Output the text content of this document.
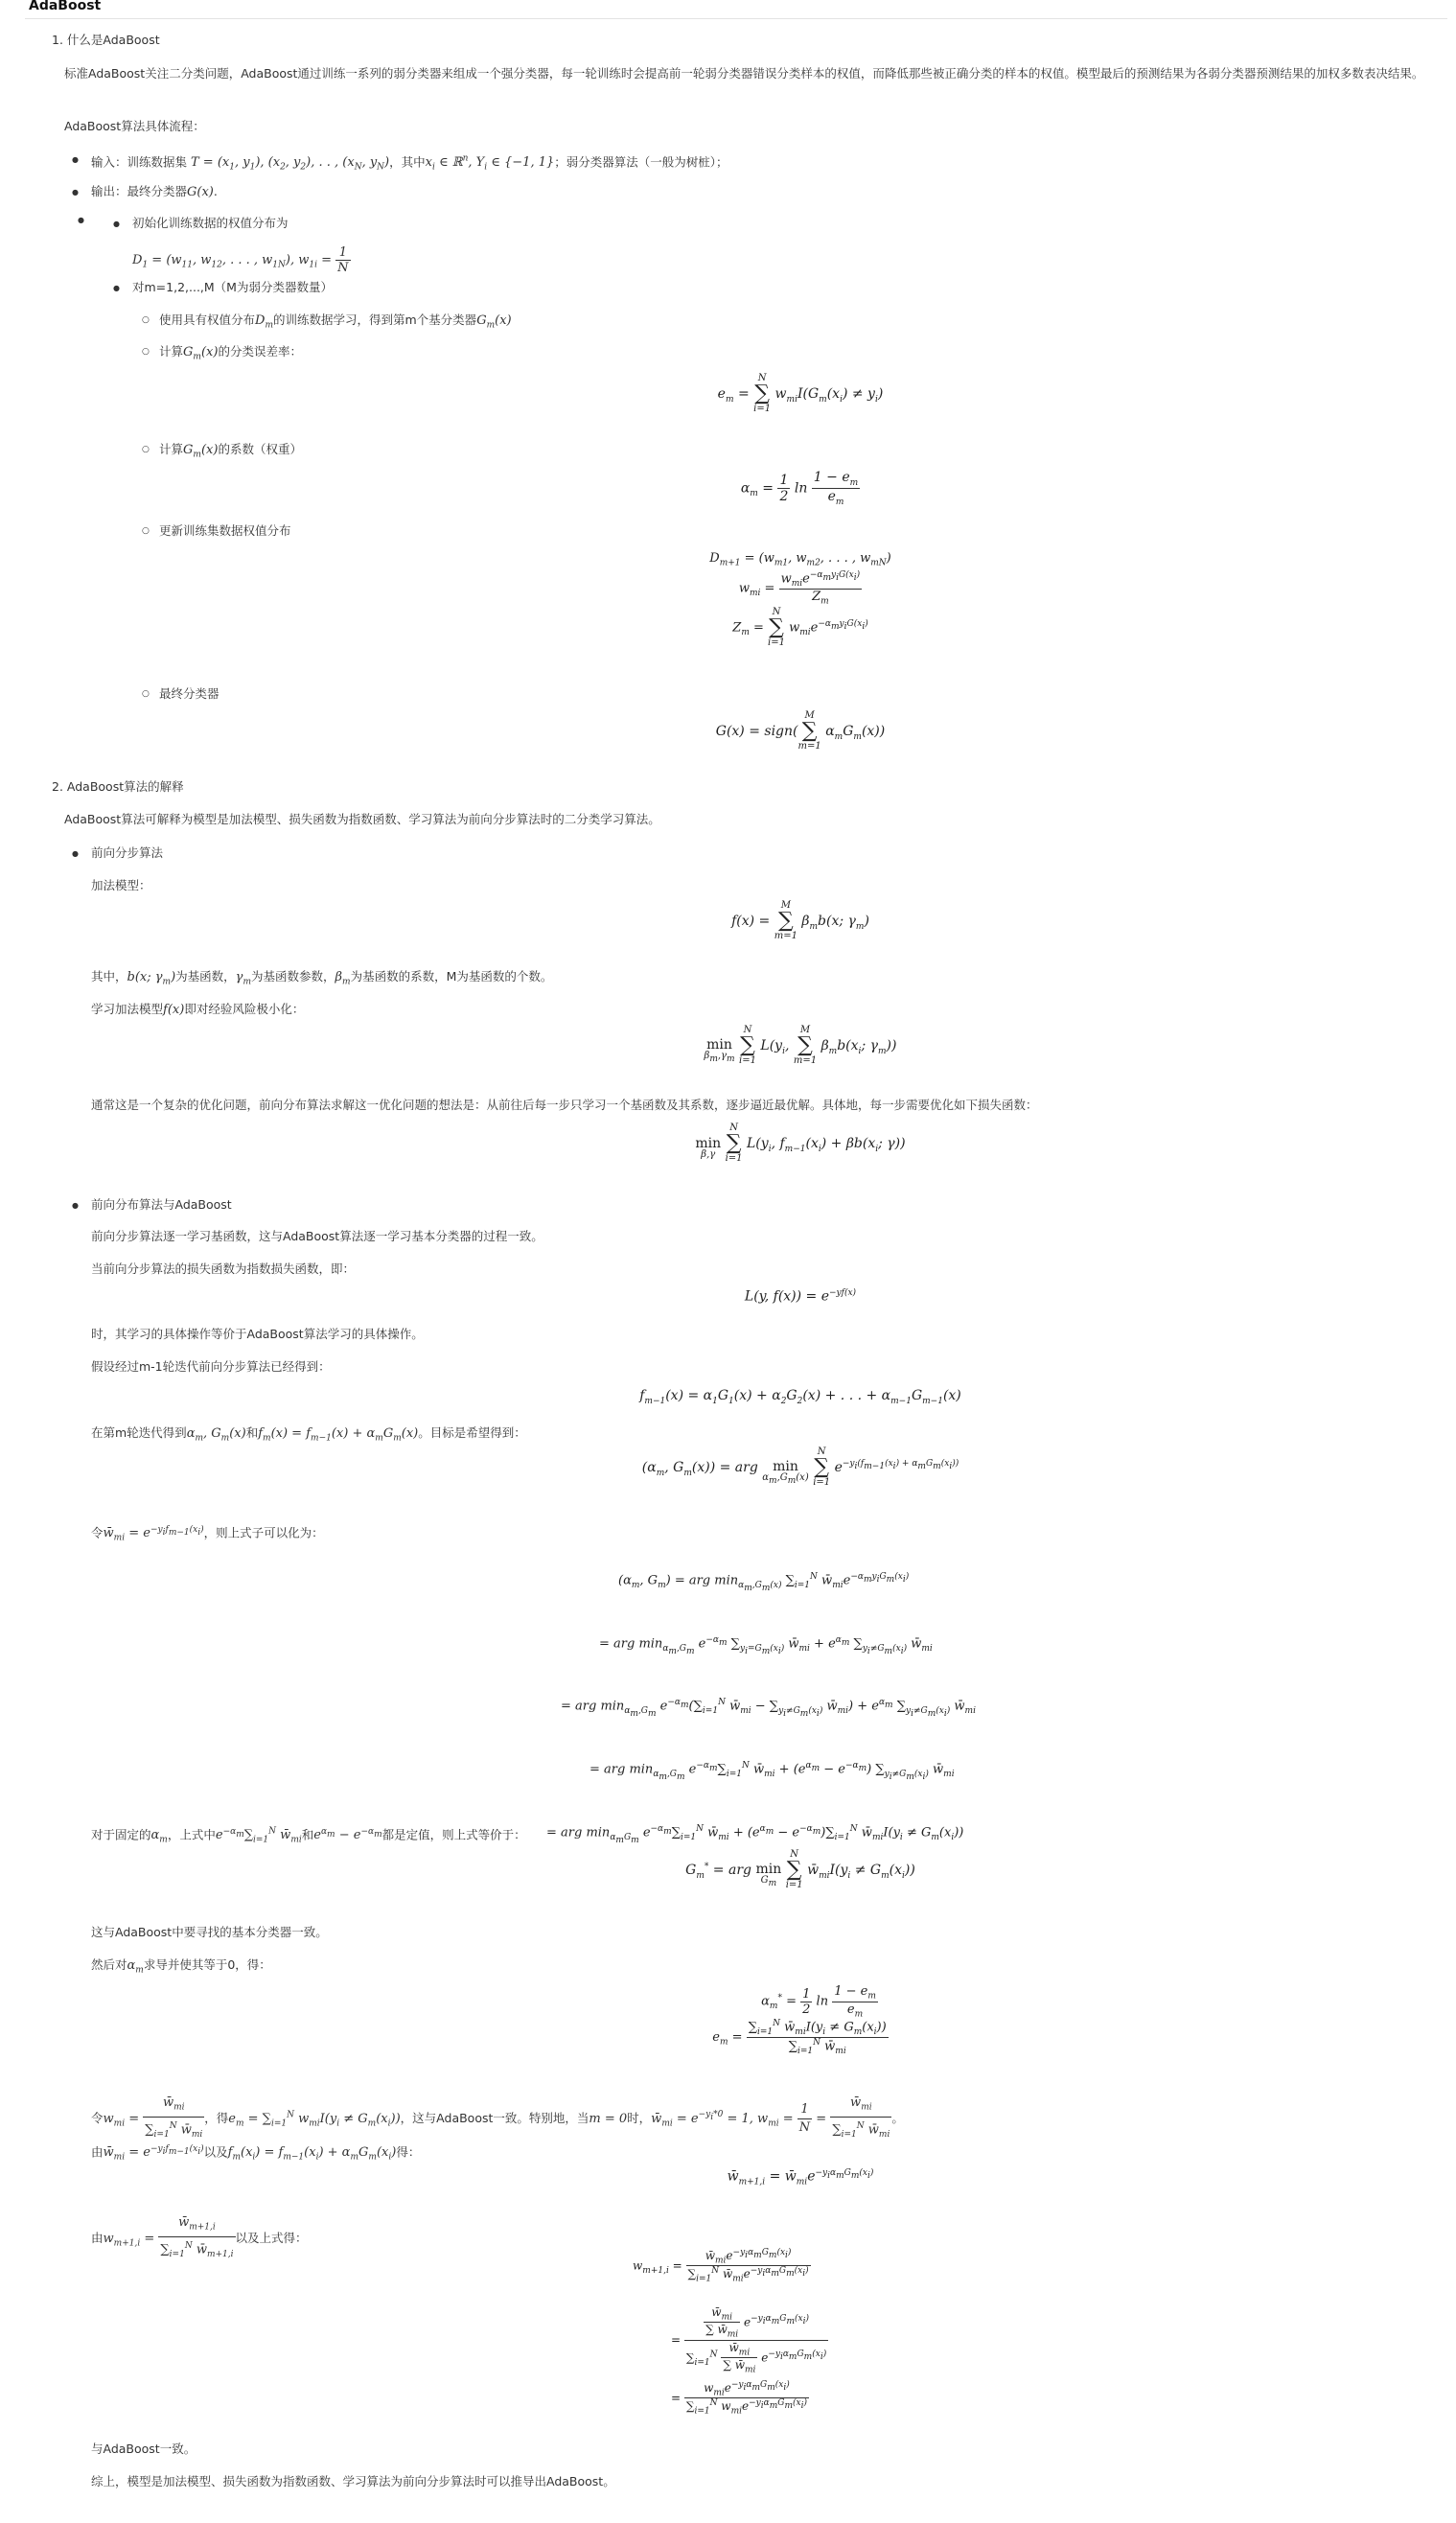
AdaBoost
1. 什么是AdaBoost
标准AdaBoost关注二分类问题，AdaBoost通过训练一系列的弱分类器来组成一个强分类器，每一轮训练时会提高前一轮弱分类器错误分类样本的权值，而降低那些被正确分类的样本的权值。模型最后的预测结果为各弱分类器预测结果的加权多数表决结果。
AdaBoost算法具体流程：
● 输入：训练数据集 $T = (x_1$, $y_1$), ($x_2$, $y_2$), . . , ($x_N$, $y_N$)，其中$x_i$ ∈ ℝ$^n$, $Y_i$ ∈ {−1, 1}；弱分类器算法（一般为树桩）；
● 输出：最终分类器G(x).
●
●	初始化训练数据的权值分布为
$D_1 = (w_{11}$, $w_{12}$, . . . , $w_{1N}$), $w_{1i} = \frac{1}{N}$
● 对m=1,2,...,M（M为弱分类器数量）
○ 使用具有权值分布$D_m$的训练数据学习，得到第m个基分类器$G_m(x)$
○ 计算$G_m(x)$的分类误差率：
$e_m$ =
N
∑
i=1
$w_{mi}I(G_m(x_i) \ne y_i)$
○ 计算$G_m(x)$的系数（权重）
$\alpha_m = \frac{1}{2}$ $\ln \frac{1 - e_m}{e_m}$
○ 更新训练集数据权值分布
$D_{m+1} = (w_{m1}$, $w_{m2}$, . . . , $w_{mN}$)
$w_{mi} = \frac{w_{mi}e^{-\alpha_my_iG(x_i)}}{Z_m}$
$Z_m$ =
N
∑
i=1
$w_{mi}e^{-\alpha_my_iG(x_i)}$
○ 最终分类器
G(x) = sign(
M
∑
m=1
$\alpha_mG_m(x)$)
2. AdaBoost算法的解释
AdaBoost算法可解释为模型是加法模型、损失函数为指数函数、学习算法为前向分步算法时的二分类学习算法。
● 前向分步算法
加法模型：
f(x) =
M
∑
m=1
$\beta_mb(x$; $\gamma_m$)
其中，b(x; $\gamma_m$)为基函数，$\gamma_m$为基函数参数，$\beta_m$为基函数的系数，M为基函数的个数。
学习加法模型f(x)即对经验风险极小化：
min
$\beta_m,\gamma_m$

N
∑
i=1
$L(y_i$,
M
∑
m=1
$\beta_mb(x_i$; $\gamma_m$))
通常这是一个复杂的优化问题，前向分布算法求解这一优化问题的想法是：从前往后每一步只学习一个基函数及其系数，逐步逼近最优解。具体地，每一步需要优化如下损失函数：
min
β,γ

N
∑
i=1
$L(y_i$, $f_{m-1}(x_i) + \beta b(x_i$; γ))
● 前向分布算法与AdaBoost
前向分步算法逐一学习基函数，这与AdaBoost算法逐一学习基本分类器的过程一致。
当前向分步算法的损失函数为指数损失函数，即：
L(y, $f(x)) = e^{-yf(x)}$
时，其学习的具体操作等价于AdaBoost算法学习的具体操作。
假设经过m-1轮迭代前向分步算法已经得到：
$f_{m-1}(x) = \alpha_1G_1(x) + \alpha_2G_2(x)$ + . . . + $\alpha_{m-1}G_{m-1}(x)$
在第m轮迭代得到$\alpha_m$, $G_m(x)$和$f_m(x) = f_{m-1}(x) + \alpha_mG_m(x)$。目标是希望得到：
($\alpha_m$, $G_m(x)$) = arg min
$\alpha_m,G_m(x)$

N
∑
i=1
$e^{-y_i(f_{m-1}(x_i) + \alpha_mG_m(x_i))}$
令$w̄_{mi} = e^{-y_if_{m-1}(x_i)}$，则上式子可以化为：
($\alpha_m$, $G_m$) = arg $\min_{\alpha_m,G_m(x)} \sum_{i=1}^N$ $w̄_{mi}e^{-\alpha_my_iG_m(x_i)}$
= arg $\min_{\alpha_m,G_m} e^{-\alpha_m}$ $\sum_{y_i=G_m(x_i)}$ $w̄_{mi} + e^{\alpha_m}$ $\sum_{y_i\ne G_m(x_i)}$ $w̄_{mi}$
= arg $\min_{\alpha_m,G_m} e^{-\alpha_m}(\sum_{i=1}^N$ $w̄_{mi} - \sum_{y_i\ne G_m(x_i)}$ $w̄_{mi}) + e^{\alpha_m}$ $\sum_{y_i\ne G_m(x_i)}$ $w̄_{mi}$
= arg $\min_{\alpha_m,G_m} e^{-\alpha_m}\sum_{i=1}^N$ $w̄_{mi} + (e^{\alpha_m} - e^{-\alpha_m})$ $\sum_{y_i\ne G_m(x_i)}$ $w̄_{mi}$
= arg $\min_{\alpha_mG_m} e^{-\alpha_m}\sum_{i=1}^N$ $w̄_{mi} + (e^{\alpha_m} - e^{-\alpha_m})\sum_{i=1}^N$ $w̄_{mi}I(y_i \ne G_m(x_i))$
对于固定的$\alpha_m$，上式中$e^{-\alpha_m}\sum_{i=1}^N$ $w̄_{mi}$和$e^{\alpha_m} - e^{-\alpha_m}$都是定值，则上式等价于：
$G_m^*$ = arg min
$G_m$

N
∑
i=1
$w̄_{mi}I(y_i \ne G_m(x_i))$
这与AdaBoost中要寻找的基本分类器一致。
然后对$\alpha_m$求导并使其等于0，得：
$\alpha_m^* = \frac{1}{2}$ $\ln \frac{1 - e_m}{e_m}$
$e_m = \frac{\sum_{i=1}^N w̄_{mi}I(y_i \ne G_m(x_i))}{\sum_{i=1}^N w̄_{mi}}$
令$w_{mi} = \frac{w̄_{mi}}{\sum_{i=1}^N w̄_{mi}}$ ，得$e_m = \sum_{i=1}^N$ $w_{mi}I(y_i \ne G_m(x_i))$，这与AdaBoost一致。特别地，当m = 0时，$w̄_{mi} = e^{-y_i*0} = 1$, $w_{mi} = \frac{1}{N} = \frac{w̄_{mi}}{\sum_{i=1}^N w̄_{mi}}$ 。
由$w̄_{mi} = e^{-y_if_{m-1}(x_i)}$以及$f_m(x_i) = f_{m-1}(x_i) + \alpha_mG_m(x_i)$得：
$w̄_{m+1,i}$ = $w̄_{mi}e^{-y_i\alpha_mG_m(x_i)}$
由$w_{m+1,i} = \frac{w̄_{m+1,i}}{\sum_{i=1}^N w̄_{m+1,i}}$ 以及上式得：
$w_{m+1,i} = \frac{w̄_{mi}e^{-y_i\alpha_mG_m(x_i)}}{\sum_{i=1}^N w̄_{mi}e^{-y_i\alpha_mG_m(x_i)}}$
= $\frac{\frac{w̄_{mi}}{\sum w̄_{mi}} e^{-y_i\alpha_mG_m(x_i)}}{\sum_{i=1}^N \frac{w̄_{mi}}{\sum w̄_{mi}} e^{-y_i\alpha_mG_m(x_i)}}$
= $\frac{w_{mi}e^{-y_i\alpha_mG_m(x_i)}}{\sum_{i=1}^N w_{mi}e^{-y_i\alpha_mG_m(x_i)}}$
与AdaBoost一致。
综上，模型是加法模型、损失函数为指数函数、学习算法为前向分步算法时可以推导出AdaBoost。
